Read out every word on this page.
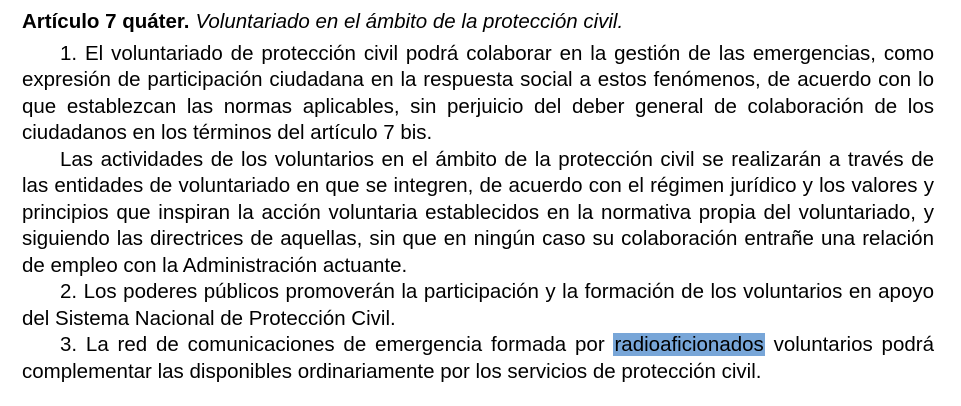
Artículo 7 quáter. Voluntariado en el ámbito de la protección civil.

1. El voluntariado de protección civil podrá colaborar en la gestión de las emergencias, como expresión de participación ciudadana en la respuesta social a estos fenómenos, de acuerdo con lo que establezcan las normas aplicables, sin perjuicio del deber general de colaboración de los ciudadanos en los términos del artículo 7 bis.

Las actividades de los voluntarios en el ámbito de la protección civil se realizarán a través de las entidades de voluntariado en que se integren, de acuerdo con el régimen jurídico y los valores y principios que inspiran la acción voluntaria establecidos en la normativa propia del voluntariado, y siguiendo las directrices de aquellas, sin que en ningún caso su colaboración entrañe una relación de empleo con la Administración actuante.

2. Los poderes públicos promoverán la participación y la formación de los voluntarios en apoyo del Sistema Nacional de Protección Civil.

3. La red de comunicaciones de emergencia formada por radioaficionados voluntarios podrá complementar las disponibles ordinariamente por los servicios de protección civil.
